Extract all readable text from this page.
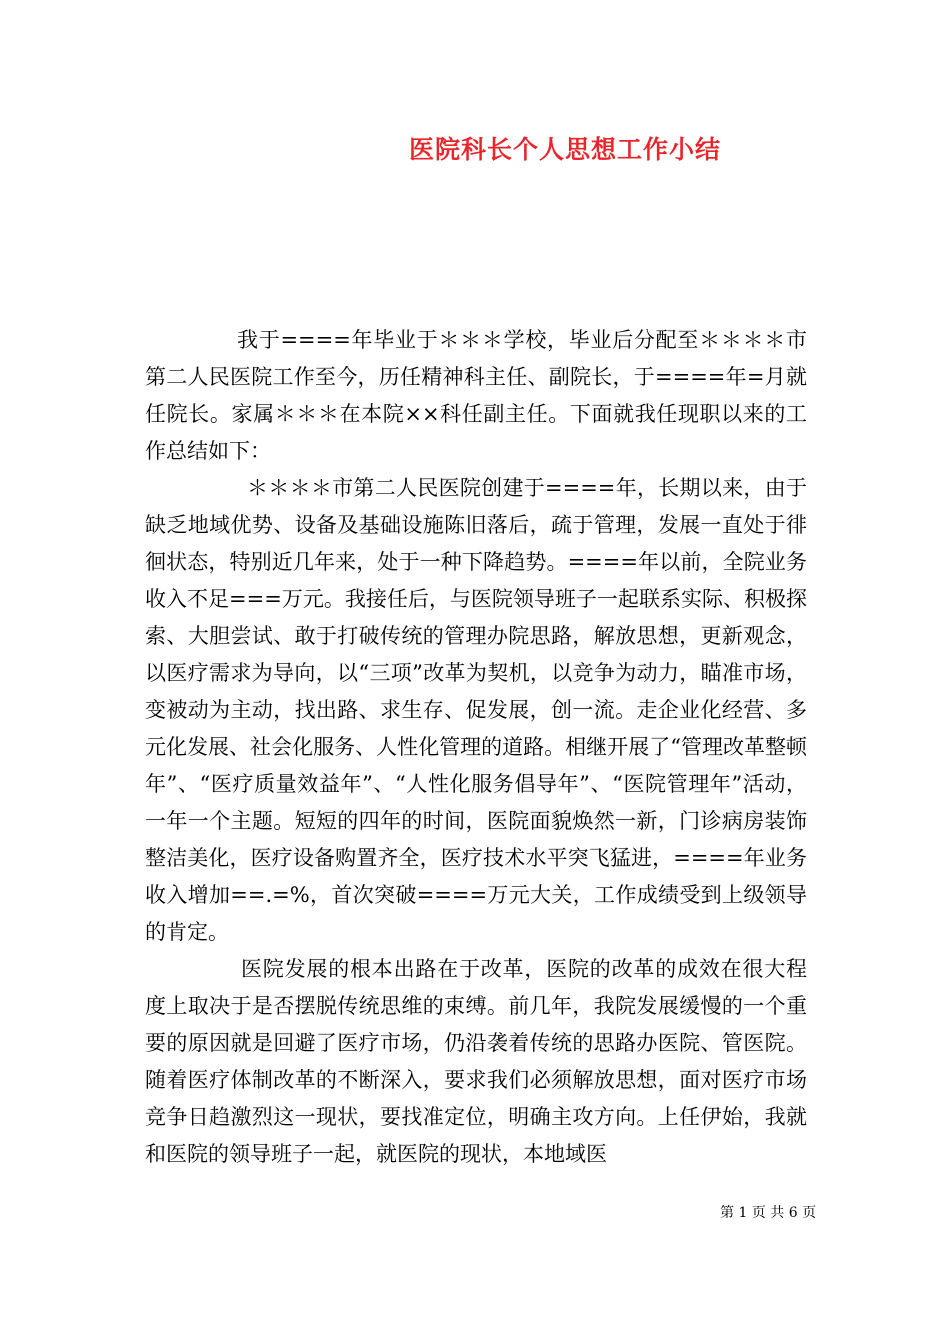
医院科长个人思想工作小结

我于====年毕业于＊＊＊学校，毕业后分配至＊＊＊＊市第二人民医院工作至今，历任精神科主任、副院长，于====年=月就任院长。家属＊＊＊在本院××科任副主任。下面就我任现职以来的工作总结如下：

＊＊＊＊市第二人民医院创建于====年，长期以来，由于缺乏地域优势、设备及基础设施陈旧落后，疏于管理，发展一直处于徘徊状态，特别近几年来，处于一种下降趋势。====年以前，全院业务收入不足===万元。我接任后，与医院领导班子一起联系实际、积极探索、大胆尝试、敢于打破传统的管理办院思路，解放思想，更新观念，以医疗需求为导向，以“三项”改革为契机，以竞争为动力，瞄准市场，变被动为主动，找出路、求生存、促发展，创一流。走企业化经营、多元化发展、社会化服务、人性化管理的道路。相继开展了“管理改革整顿年”、“医疗质量效益年”、“人性化服务倡导年”、“医院管理年”活动，一年一个主题。短短的四年的时间，医院面貌焕然一新，门诊病房装饰整洁美化，医疗设备购置齐全，医疗技术水平突飞猛进，====年业务收入增加==.=%，首次突破====万元大关，工作成绩受到上级领导的肯定。

医院发展的根本出路在于改革，医院的改革的成效在很大程度上取决于是否摆脱传统思维的束缚。前几年，我院发展缓慢的一个重要的原因就是回避了医疗市场，仍沿袭着传统的思路办医院、管医院。随着医疗体制改革的不断深入，要求我们必须解放思想，面对医疗市场竞争日趋激烈这一现状，要找准定位，明确主攻方向。上任伊始，我就和医院的领导班子一起，就医院的现状，本地域医

第 1 页 共 6 页
